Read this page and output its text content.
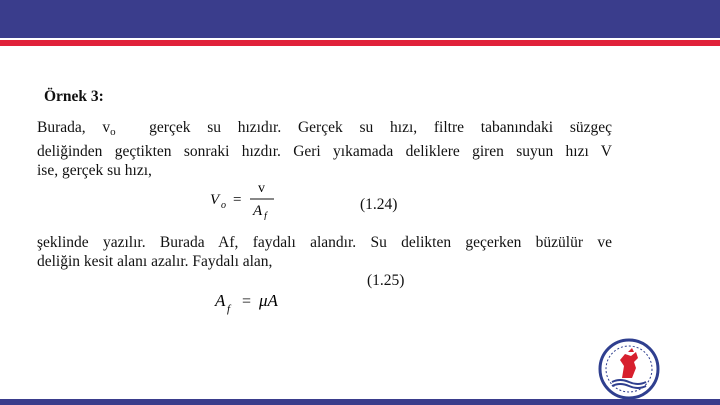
Örnek 3:

Burada, $v_o$  gerçek su hızıdır. Gerçek su hızı, filtre tabanındaki süzgeç
deliğinden geçtikten sonraki hızdır. Geri yıkamada deliklere giren suyun hızı V
ise, gerçek su hızı,
V o =
v
A f
(1.24)
şeklinde yazılır. Burada Af, faydalı alandır. Su delikten geçerken büzülür ve
deliğin kesit alanı azalır. Faydalı alan,
(1.25)
A f = μA
